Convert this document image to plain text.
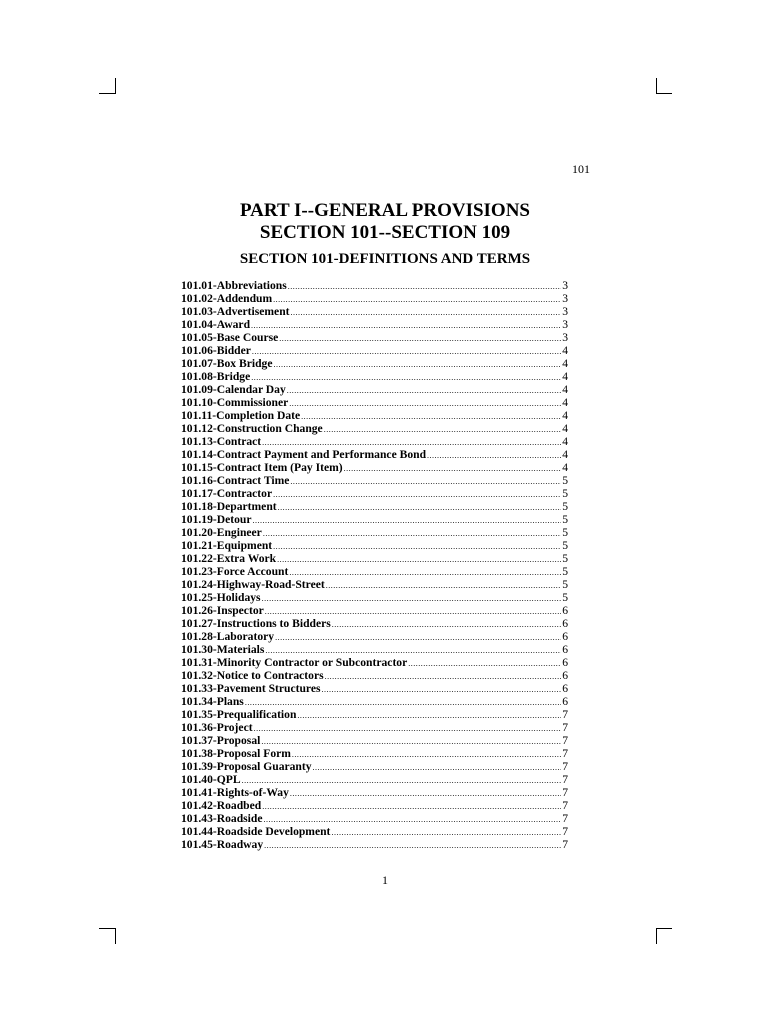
101
PART I--GENERAL PROVISIONS
SECTION 101--SECTION 109
SECTION 101-DEFINITIONS AND TERMS
101.01-Abbreviations .....	3
101.02-Addendum .....	3
101.03-Advertisement .....	3
101.04-Award .....	3
101.05-Base Course .....	3
101.06-Bidder .....	4
101.07-Box Bridge .....	4
101.08-Bridge .....	4
101.09-Calendar Day .....	4
101.10-Commissioner .....	4
101.11-Completion Date .....	4
101.12-Construction Change .....	4
101.13-Contract .....	4
101.14-Contract Payment and Performance Bond .....	4
101.15-Contract Item (Pay Item) .....	4
101.16-Contract Time .....	5
101.17-Contractor .....	5
101.18-Department .....	5
101.19-Detour .....	5
101.20-Engineer .....	5
101.21-Equipment .....	5
101.22-Extra Work .....	5
101.23-Force Account .....	5
101.24-Highway-Road-Street .....	5
101.25-Holidays .....	5
101.26-Inspector .....	6
101.27-Instructions to Bidders .....	6
101.28-Laboratory .....	6
101.30-Materials .....	6
101.31-Minority Contractor or Subcontractor .....	6
101.32-Notice to Contractors .....	6
101.33-Pavement Structures .....	6
101.34-Plans .....	6
101.35-Prequalification .....	7
101.36-Project .....	7
101.37-Proposal .....	7
101.38-Proposal Form .....	7
101.39-Proposal Guaranty .....	7
101.40-QPL .....	7
101.41-Rights-of-Way .....	7
101.42-Roadbed .....	7
101.43-Roadside .....	7
101.44-Roadside Development .....	7
101.45-Roadway .....	7
1
